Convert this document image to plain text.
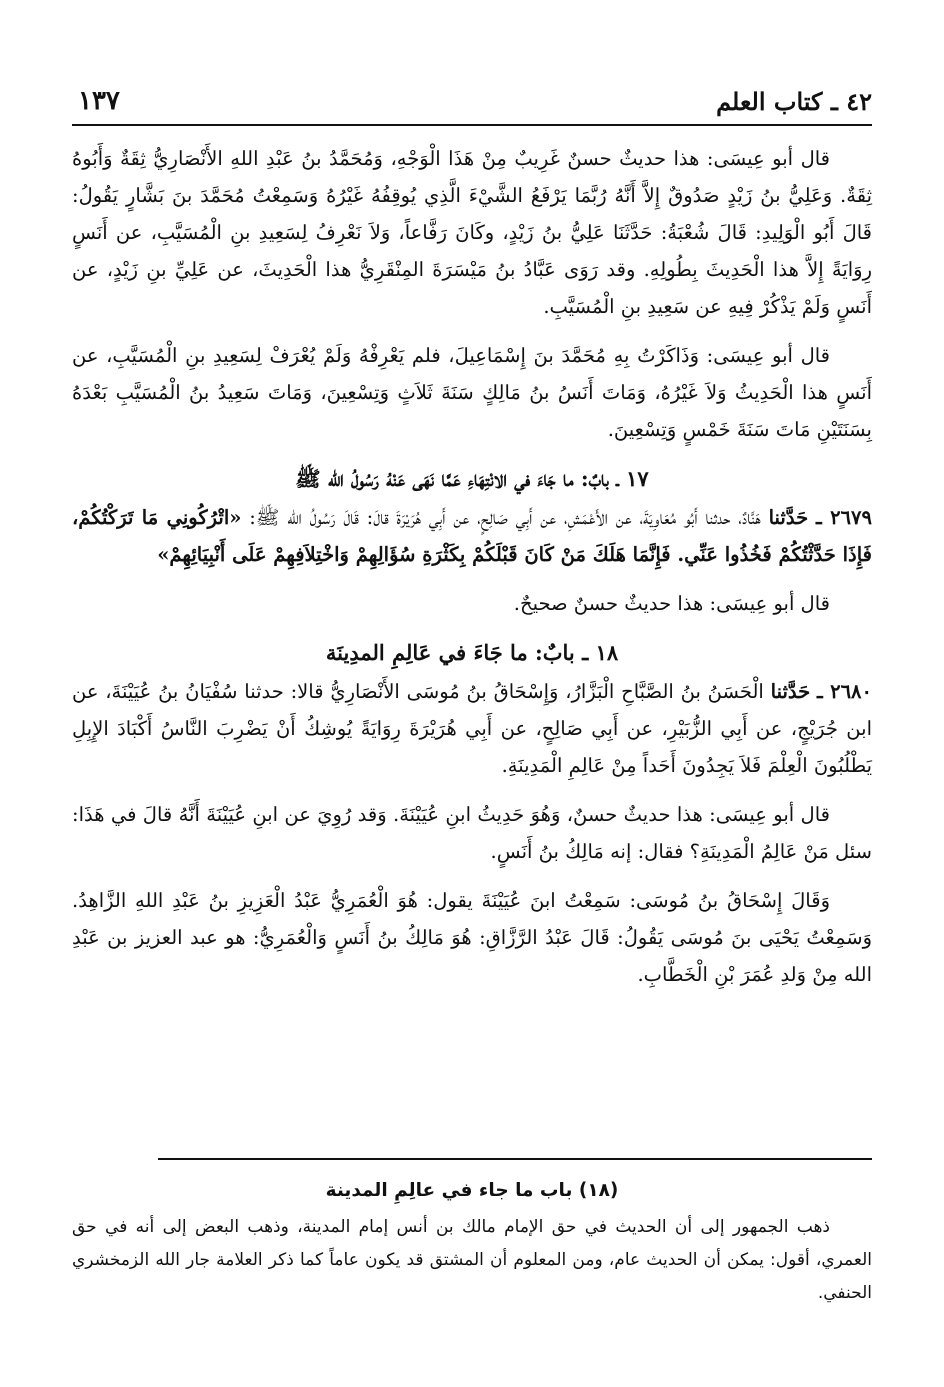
٤٢ ـ كتاب العلم
١٣٧

قال أبو عِيسَى: هذا حديثٌ حسنٌ غَرِيبٌ مِنْ هَذَا الْوَجْهِ، وَمُحَمَّدُ بنُ عَبْدِ اللهِ الأَنْصَارِيُّ ثِقَةٌ وَأَبُوهُ ثِقَةٌ. وَعَلِيُّ بنُ زَيْدٍ صَدُوقٌ إِلاَّ أَنَّهُ رُبَّمَا يَرْفَعُ الشَّيْءَ الَّذِي يُوقِفُهُ غَيْرُهُ وَسَمِعْتُ مُحَمَّدَ بنَ بَشَّارٍ يَقُولُ: قَالَ أَبُو الْوَلِيدِ: قَالَ شُعْبَةُ: حَدَّثَنَا عَلِيُّ بنُ زَيْدٍ، وكَانَ رَفَّاعاً، وَلاَ نَعْرِفُ لِسَعِيدِ بنِ الْمُسَيَّبِ، عن أَنَسٍ رِوَايَةً إِلاَّ هذا الْحَدِيثَ بِطُولِهِ. وقد رَوَى عَبَّادُ بنُ مَيْسَرَةَ المِنْقَرِيُّ هذا الْحَدِيثَ، عن عَلِيِّ بنِ زَيْدٍ، عن أَنَسٍ وَلَمْ يَذْكُرْ فِيهِ عن سَعِيدِ بنِ الْمُسَيَّبِ.

قال أبو عِيسَى: وَذَاكَرْتُ بِهِ مُحَمَّدَ بنَ إِسْمَاعِيلَ، فلم يَعْرِفْهُ وَلَمْ يُعْرَفْ لِسَعِيدِ بنِ الْمُسَيَّبِ، عن أَنَسٍ هذا الْحَدِيثُ وَلاَ غَيْرُهُ، وَمَاتَ أَنَسُ بنُ مَالِكٍ سَنَةَ ثَلاَثٍ وَتِسْعِينَ، وَمَاتَ سَعِيدُ بنُ الْمُسَيَّبِ بَعْدَهُ بِسَنَتَيْنِ مَاتَ سَنَةَ خَمْسٍ وَتِسْعِينَ.

١٧ ـ بابٌ: ما جَاءَ في الانْتِهَاءِ عَمَّا نَهَى عَنْهُ رَسُولُ الله ﷺ

٢٦٧٩ ـ حَدَّثنا هَنَّادٌ، حدثنا أَبُو مُعَاوِيَةَ، عن الأَعْمَشِ، عن أَبِي صَالِحٍ، عن أَبِي هُرَيْرَةَ قالَ: قَالَ رَسُولُ الله ﷺ: «اتْرُكُونِي مَا تَرَكْتُكُمْ، فَإِذَا حَدَّثْتُكُمْ فَخُذُوا عَنِّي. فَإِنَّمَا هَلَكَ مَنْ كَانَ قَبْلَكُمْ بِكَثْرَةِ سُؤَالِهِمْ وَاخْتِلاَفِهِمْ عَلَى أَنْبِيَائِهِمْ»

قال أبو عِيسَى: هذا حديثٌ حسنٌ صحيحٌ.

١٨ ـ بابٌ: ما جَاءَ في عَالِمِ المدِينَة

٢٦٨٠ ـ حَدَّثنا الْحَسَنُ بنُ الصَّبَّاحِ الْبَزَّارُ، وَإِسْحَاقُ بنُ مُوسَى الأَنْصَارِيُّ قالا: حدثنا سُفْيَانُ بنُ عُيَيْنَةَ، عن ابن جُرَيْجٍ، عن أَبِي الزُّبَيْرِ، عن أَبِي صَالِحٍ، عن أَبِي هُرَيْرَةَ رِوَايَةً يُوشِكُ أَنْ يَضْرِبَ النَّاسُ أَكْبَادَ الإِبِلِ يَطْلُبُونَ الْعِلْمَ فَلاَ يَجِدُونَ أَحَداً مِنْ عَالِمِ الْمَدِينَةِ.

قال أبو عِيسَى: هذا حديثٌ حسنٌ، وَهُوَ حَدِيثُ ابنِ عُيَيْنَةَ. وَقد رُوِيَ عن ابنِ عُيَيْنَةَ أَنَّهُ قالَ في هَذَا: سئل مَنْ عَالِمُ الْمَدِينَةِ؟ فقال: إنه مَالِكُ بنُ أَنَسٍ.

وَقَالَ إِسْحَاقُ بنُ مُوسَى: سَمِعْتُ ابنَ عُيَيْنَةَ يقول: هُوَ الْعُمَرِيُّ عَبْدُ الْعَزِيزِ بنُ عَبْدِ اللهِ الزَّاهِدُ. وَسَمِعْتُ يَحْيَى بنَ مُوسَى يَقُولُ: قَالَ عَبْدُ الرَّزَّاقِ: هُوَ مَالِكُ بنُ أَنَسٍ وَالْعُمَرِيُّ: هو عبد العزيز بن عَبْدِ الله مِنْ وَلدِ عُمَرَ بْنِ الْخَطَّابِ.

(١٨) باب ما جاء في عالِمِ المدينة
ذهب الجمهور إلى أن الحديث في حق الإمام مالك بن أنس إمام المدينة، وذهب البعض إلى أنه في حق العمري، أقول: يمكن أن الحديث عام، ومن المعلوم أن المشتق قد يكون عاماً كما ذكر العلامة جار الله الزمخشري الحنفي.
